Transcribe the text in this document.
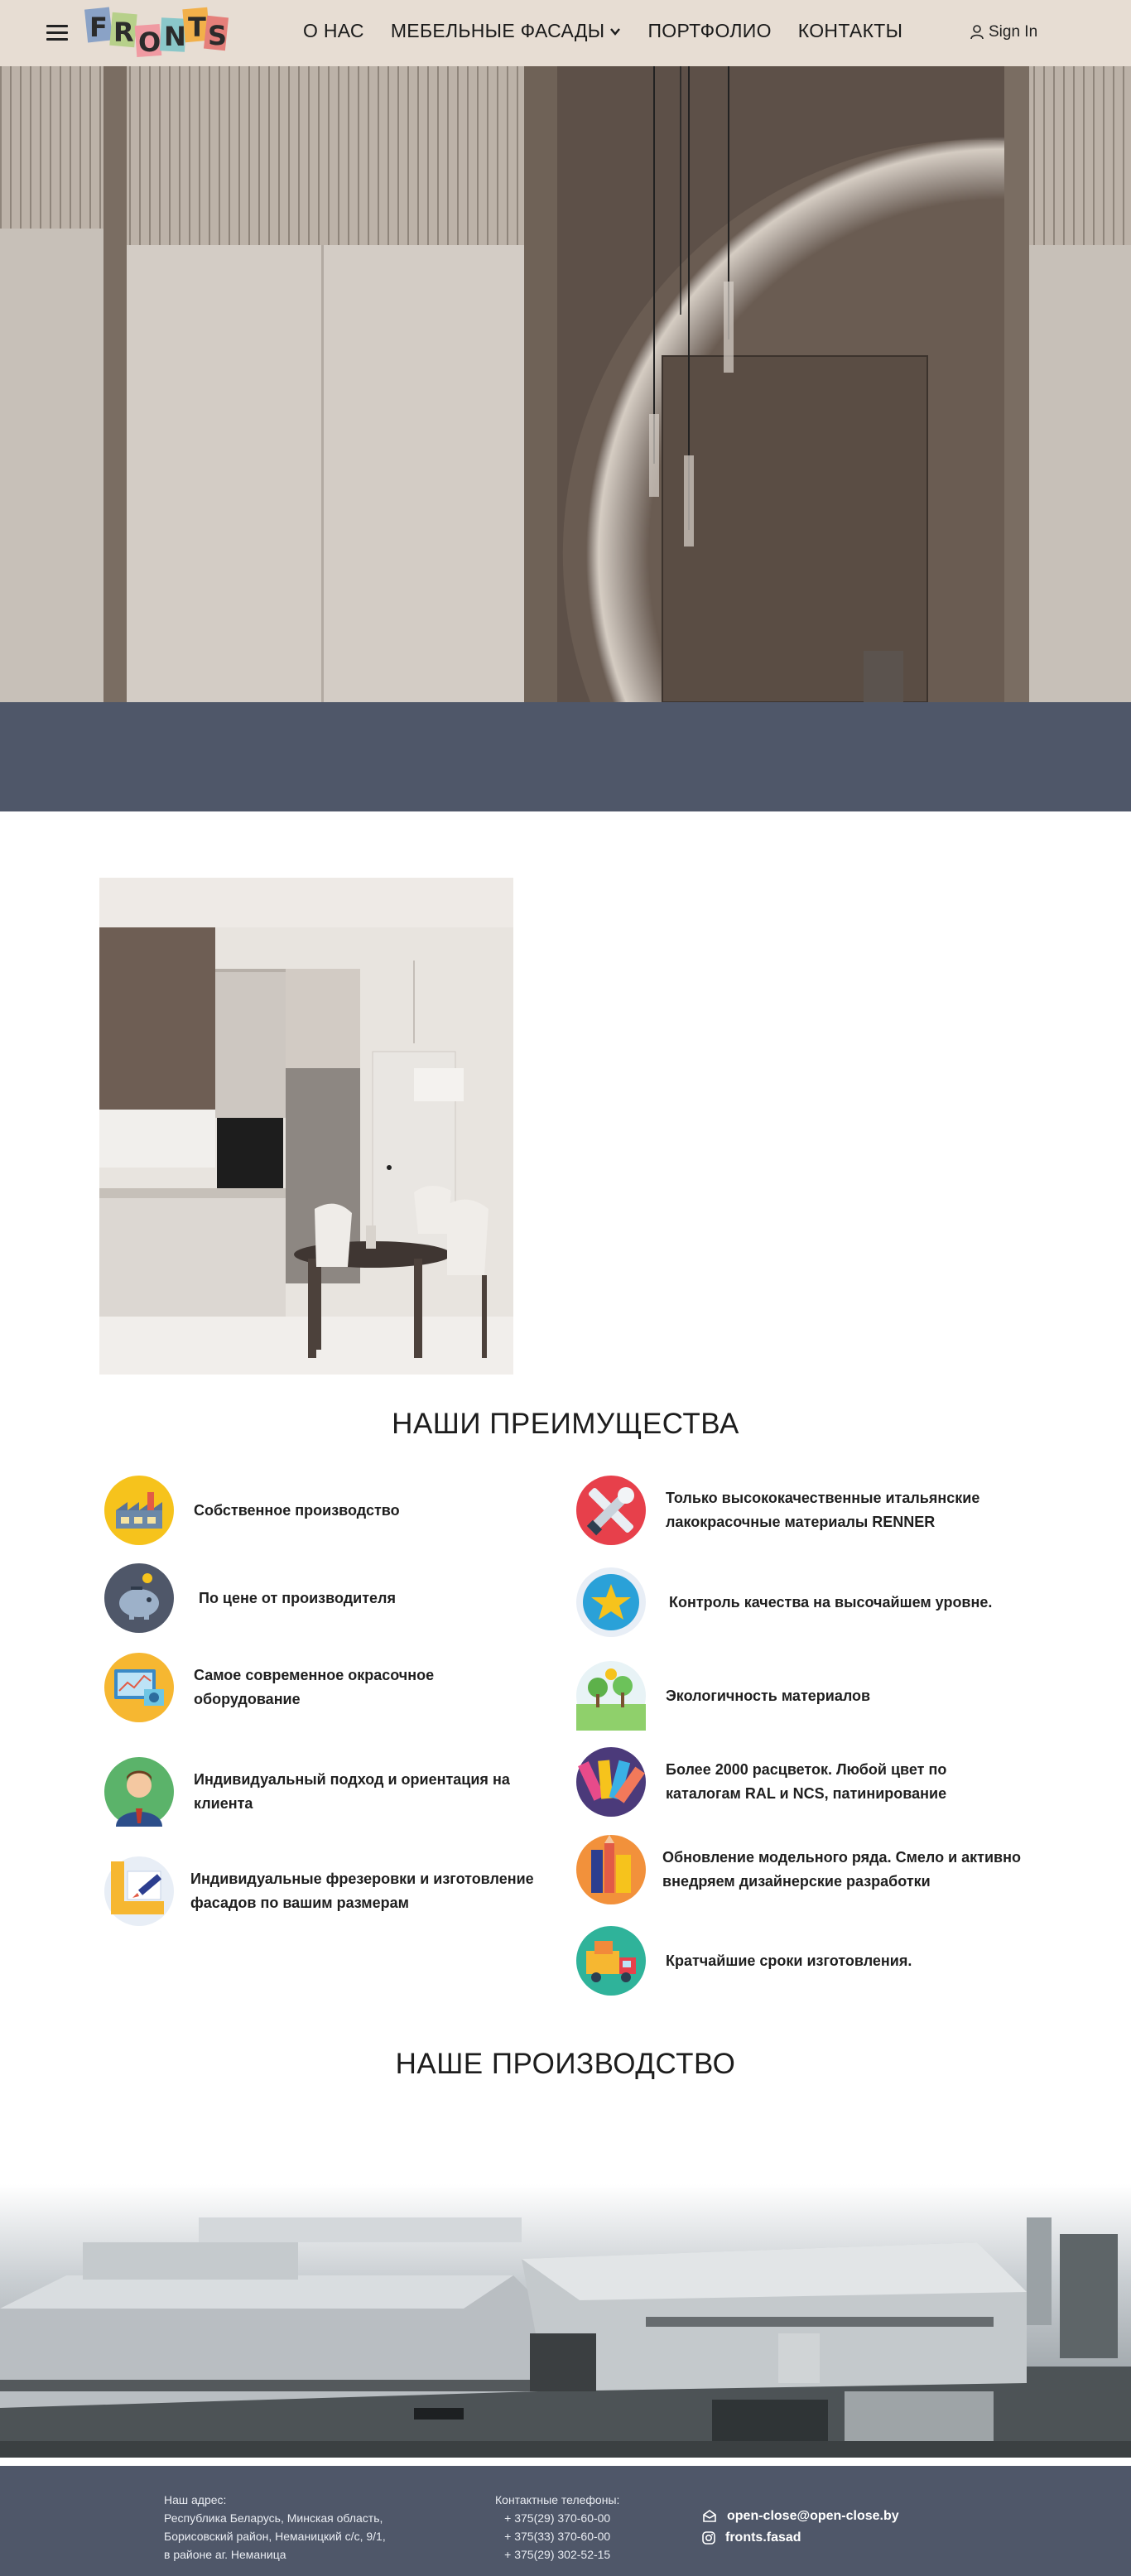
F R O N T S	О НАС МЕБЕЛЬНЫЕ ФАСАДЫ ПОРТФОЛИО КОНТАКТЫ	Sign In
НАШИ ПРЕИМУЩЕСТВА
Собственное производство
По цене от производителя
Самое современное окрасочное оборудование
Индивидуальный подход и ориентация на клиента
Индивидуальные фрезеровки и изготовление фасадов по вашим размерам
Только высококачественные итальянские лакокрасочные материалы RENNER
Контроль качества на высочайшем уровне.
Экологичность материалов
Более 2000 расцветок. Любой цвет по каталогам RAL и NCS, патинирование
Обновление модельного ряда. Смело и активно внедряем дизайнерские разработки
Кратчайшие сроки изготовления.
НАШЕ ПРОИЗВОДСТВО
Наш адрес:
Республика Беларусь, Минская область,
Борисовский район, Неманицкий с/с, 9/1,
в районе аг. Неманица
Контактные телефоны:
+ 375(29) 370-60-00
+ 375(33) 370-60-00
+ 375(29) 302-52-15
open-close@open-close.by
fronts.fasad
